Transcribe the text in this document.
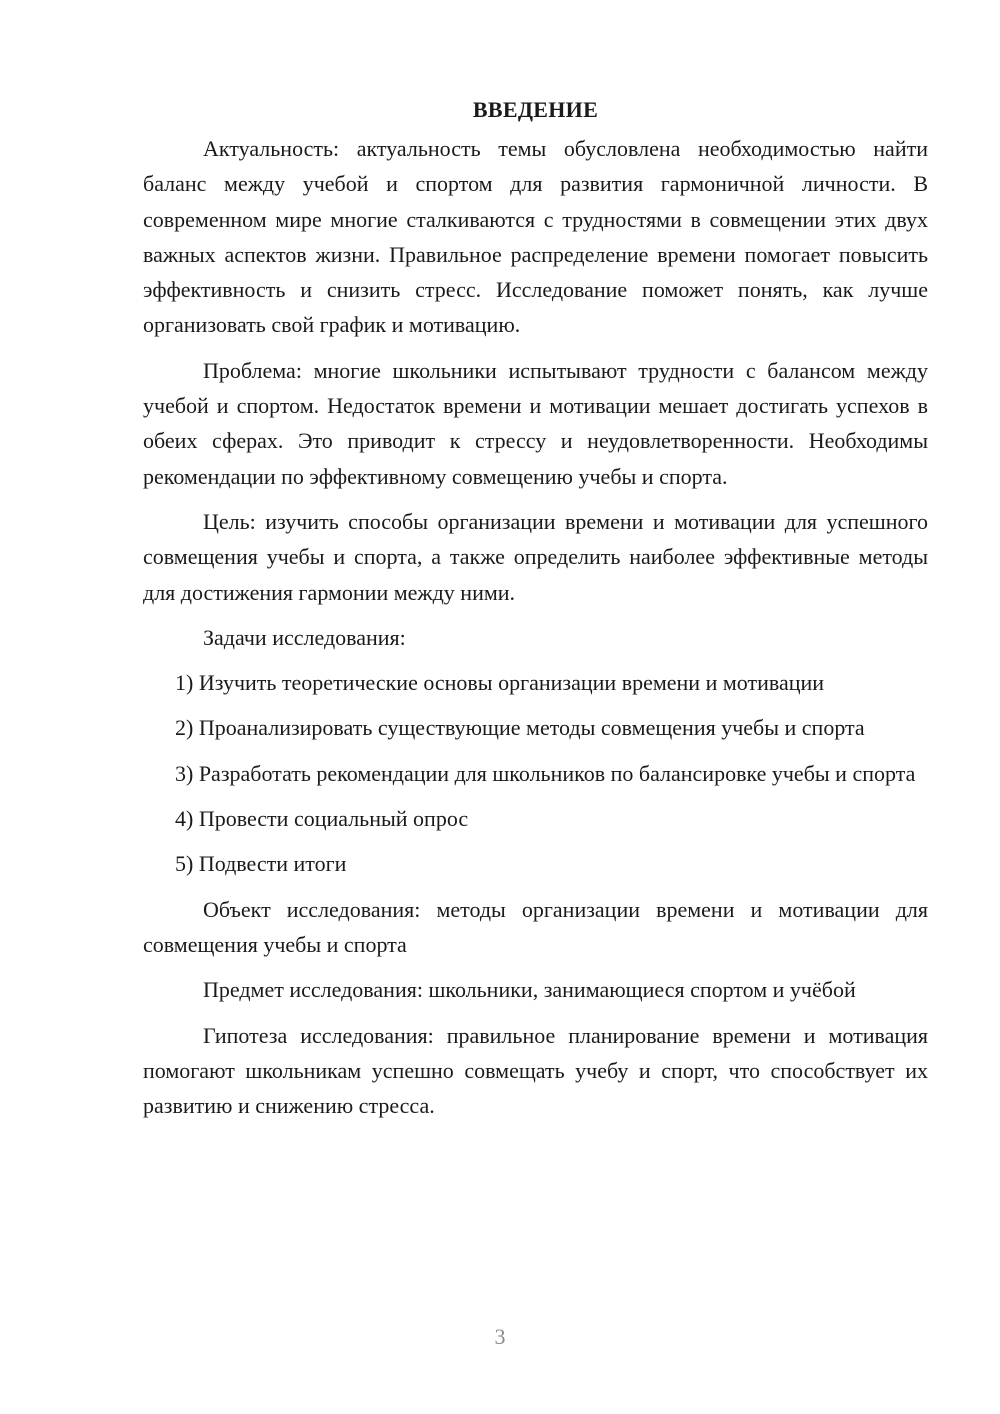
ВВЕДЕНИЕ

Актуальность: актуальность темы обусловлена необходимостью найти баланс между учебой и спортом для развития гармоничной личности. В современном мире многие сталкиваются с трудностями в совмещении этих двух важных аспектов жизни. Правильное распределение времени помогает повысить эффективность и снизить стресс. Исследование поможет понять, как лучше организовать свой график и мотивацию.

Проблема: многие школьники испытывают трудности с балансом между учебой и спортом. Недостаток времени и мотивации мешает достигать успехов в обеих сферах. Это приводит к стрессу и неудовлетворенности. Необходимы рекомендации по эффективному совмещению учебы и спорта.

Цель: изучить способы организации времени и мотивации для успешного совмещения учебы и спорта, а также определить наиболее эффективные методы для достижения гармонии между ними.

Задачи исследования:

1) Изучить теоретические основы организации времени и мотивации

2) Проанализировать существующие методы совмещения учебы и спорта

3) Разработать рекомендации для школьников по балансировке учебы и спорта

4) Провести социальный опрос

5) Подвести итоги

Объект исследования: методы организации времени и мотивации для совмещения учебы и спорта

Предмет исследования: школьники, занимающиеся спортом и учёбой

Гипотеза исследования: правильное планирование времени и мотивация помогают школьникам успешно совмещать учебу и спорт, что способствует их развитию и снижению стресса.

3
